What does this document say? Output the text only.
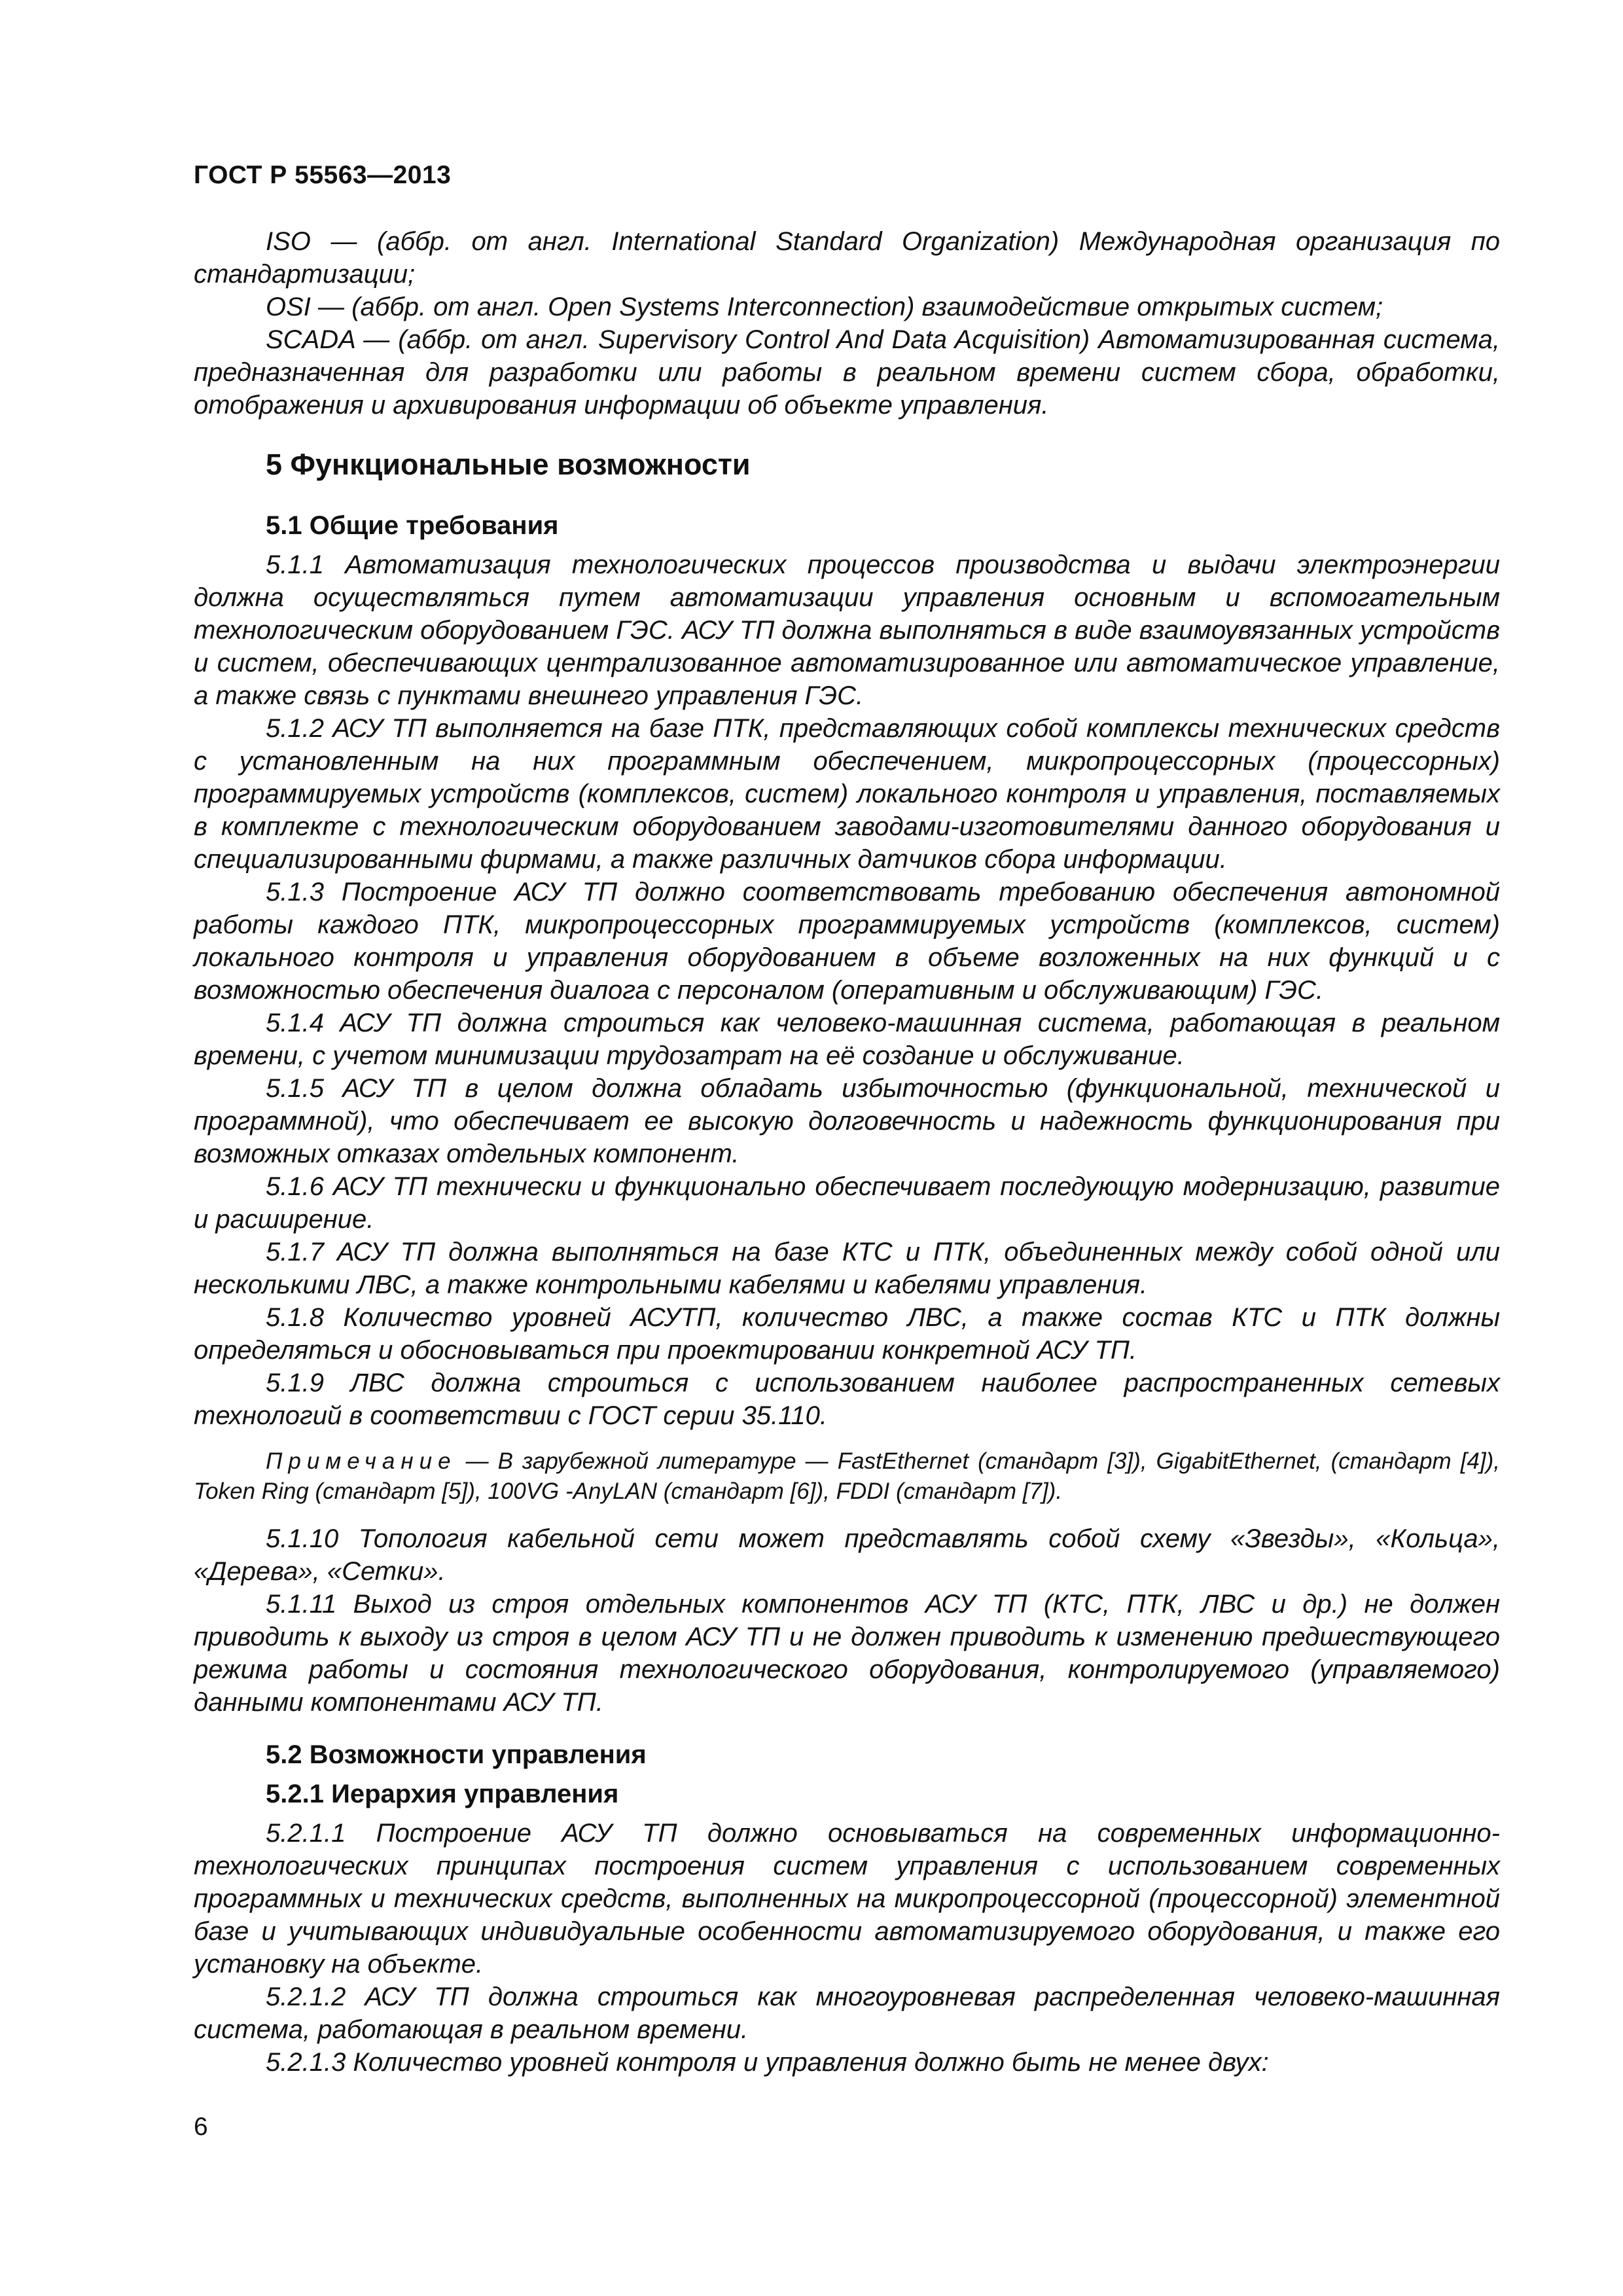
ГОСТ Р 55563—2013

ISO — (аббр. от англ. International Standard Organization) Международная организация по стандартизации;

OSI — (аббр. от англ. Open Systems Interconnection) взаимодействие открытых систем;

SCADA — (аббр. от англ. Supervisory Control And Data Acquisition) Автоматизированная система, предназначенная для разработки или работы в реальном времени систем сбора, обработки, отображения и архивирования информации об объекте управления.

5 Функциональные возможности
5.1 Общие требования

5.1.1 Автоматизация технологических процессов производства и выдачи электроэнергии должна осуществляться путем автоматизации управления основным и вспомогательным технологическим оборудованием ГЭС. АСУ ТП должна выполняться в виде взаимоувязанных устройств и систем, обеспечивающих централизованное автоматизированное или автоматическое управление, а также связь с пунктами внешнего управления ГЭС.

5.1.2 АСУ ТП выполняется на базе ПТК, представляющих собой комплексы технических средств с установленным на них программным обеспечением, микропроцессорных (процессорных) программируемых устройств (комплексов, систем) локального контроля и управления, поставляемых в комплекте с технологическим оборудованием заводами-изготовителями данного оборудования и специализированными фирмами, а также различных датчиков сбора информации.

5.1.3 Построение АСУ ТП должно соответствовать требованию обеспечения автономной работы каждого ПТК, микропроцессорных программируемых устройств (комплексов, систем) локального контроля и управления оборудованием в объеме возложенных на них функций и с возможностью обеспечения диалога с персоналом (оперативным и обслуживающим) ГЭС.

5.1.4 АСУ ТП должна строиться как человеко-машинная система, работающая в реальном времени, с учетом минимизации трудозатрат на её создание и обслуживание.

5.1.5 АСУ ТП в целом должна обладать избыточностью (функциональной, технической и программной), что обеспечивает ее высокую долговечность и надежность функционирования при возможных отказах отдельных компонент.

5.1.6 АСУ ТП технически и функционально обеспечивает последующую модернизацию, развитие и расширение.

5.1.7 АСУ ТП должна выполняться на базе КТС и ПТК, объединенных между собой одной или несколькими ЛВС, а также контрольными кабелями и кабелями управления.

5.1.8 Количество уровней АСУТП, количество ЛВС, а также состав КТС и ПТК должны определяться и обосновываться при проектировании конкретной АСУ ТП.

5.1.9 ЛВС должна строиться с использованием наиболее распространенных сетевых технологий в соответствии с ГОСТ серии 35.110.

Примечание — В зарубежной литературе — FastEthernet (стандарт [3]), GigabitEthernet, (стандарт [4]), Token Ring (стандарт [5]), 100VG -AnyLAN (стандарт [6]), FDDI (стандарт [7]).

5.1.10 Топология кабельной сети может представлять собой схему «Звезды», «Кольца», «Дерева», «Сетки».

5.1.11 Выход из строя отдельных компонентов АСУ ТП (КТС, ПТК, ЛВС и др.) не должен приводить к выходу из строя в целом АСУ ТП и не должен приводить к изменению предшествующего режима работы и состояния технологического оборудования, контролируемого (управляемого) данными компонентами АСУ ТП.

5.2 Возможности управления
5.2.1 Иерархия управления

5.2.1.1 Построение АСУ ТП должно основываться на современных информационно-технологических принципах построения систем управления с использованием современных программных и технических средств, выполненных на микропроцессорной (процессорной) элементной базе и учитывающих индивидуальные особенности автоматизируемого оборудования, и также его установку на объекте.

5.2.1.2 АСУ ТП должна строиться как многоуровневая распределенная человеко-машинная система, работающая в реальном времени.

5.2.1.3 Количество уровней контроля и управления должно быть не менее двух:

6
